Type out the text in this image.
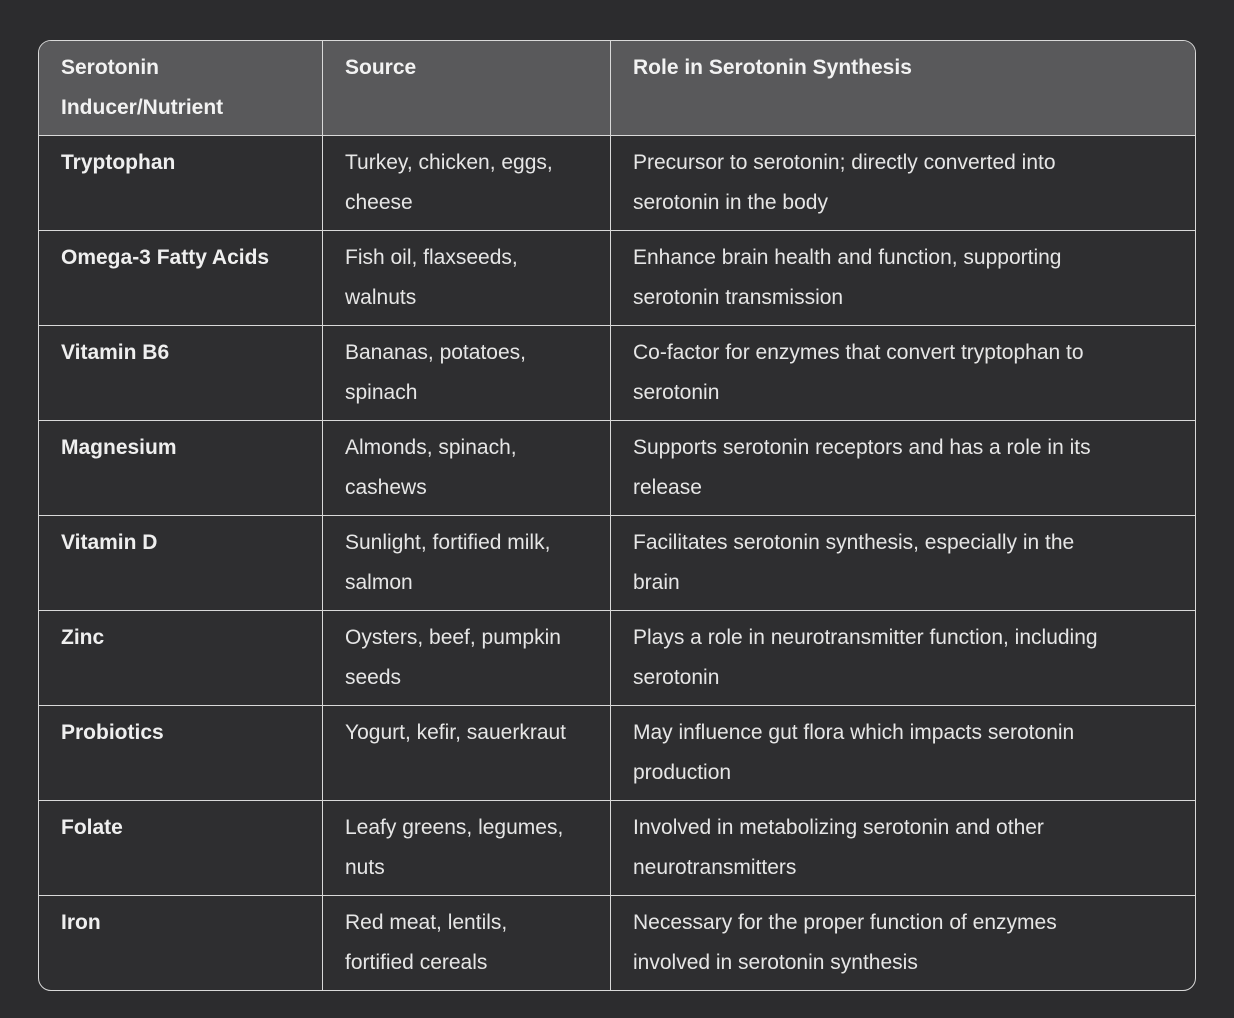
Serotonin Inducer/Nutrient	Source	Role in Serotonin Synthesis

Tryptophan	Turkey, chicken, eggs, cheese	Precursor to serotonin; directly converted into serotonin in the body

Omega-3 Fatty Acids	Fish oil, flaxseeds, walnuts	Enhance brain health and function, supporting serotonin transmission

Vitamin B6	Bananas, potatoes, spinach	Co-factor for enzymes that convert tryptophan to serotonin

Magnesium	Almonds, spinach, cashews	Supports serotonin receptors and has a role in its release

Vitamin D	Sunlight, fortified milk, salmon	Facilitates serotonin synthesis, especially in the brain

Zinc	Oysters, beef, pumpkin seeds	Plays a role in neurotransmitter function, including serotonin

Probiotics	Yogurt, kefir, sauerkraut	May influence gut flora which impacts serotonin production

Folate	Leafy greens, legumes, nuts	Involved in metabolizing serotonin and other neurotransmitters

Iron	Red meat, lentils, fortified cereals	Necessary for the proper function of enzymes involved in serotonin synthesis
